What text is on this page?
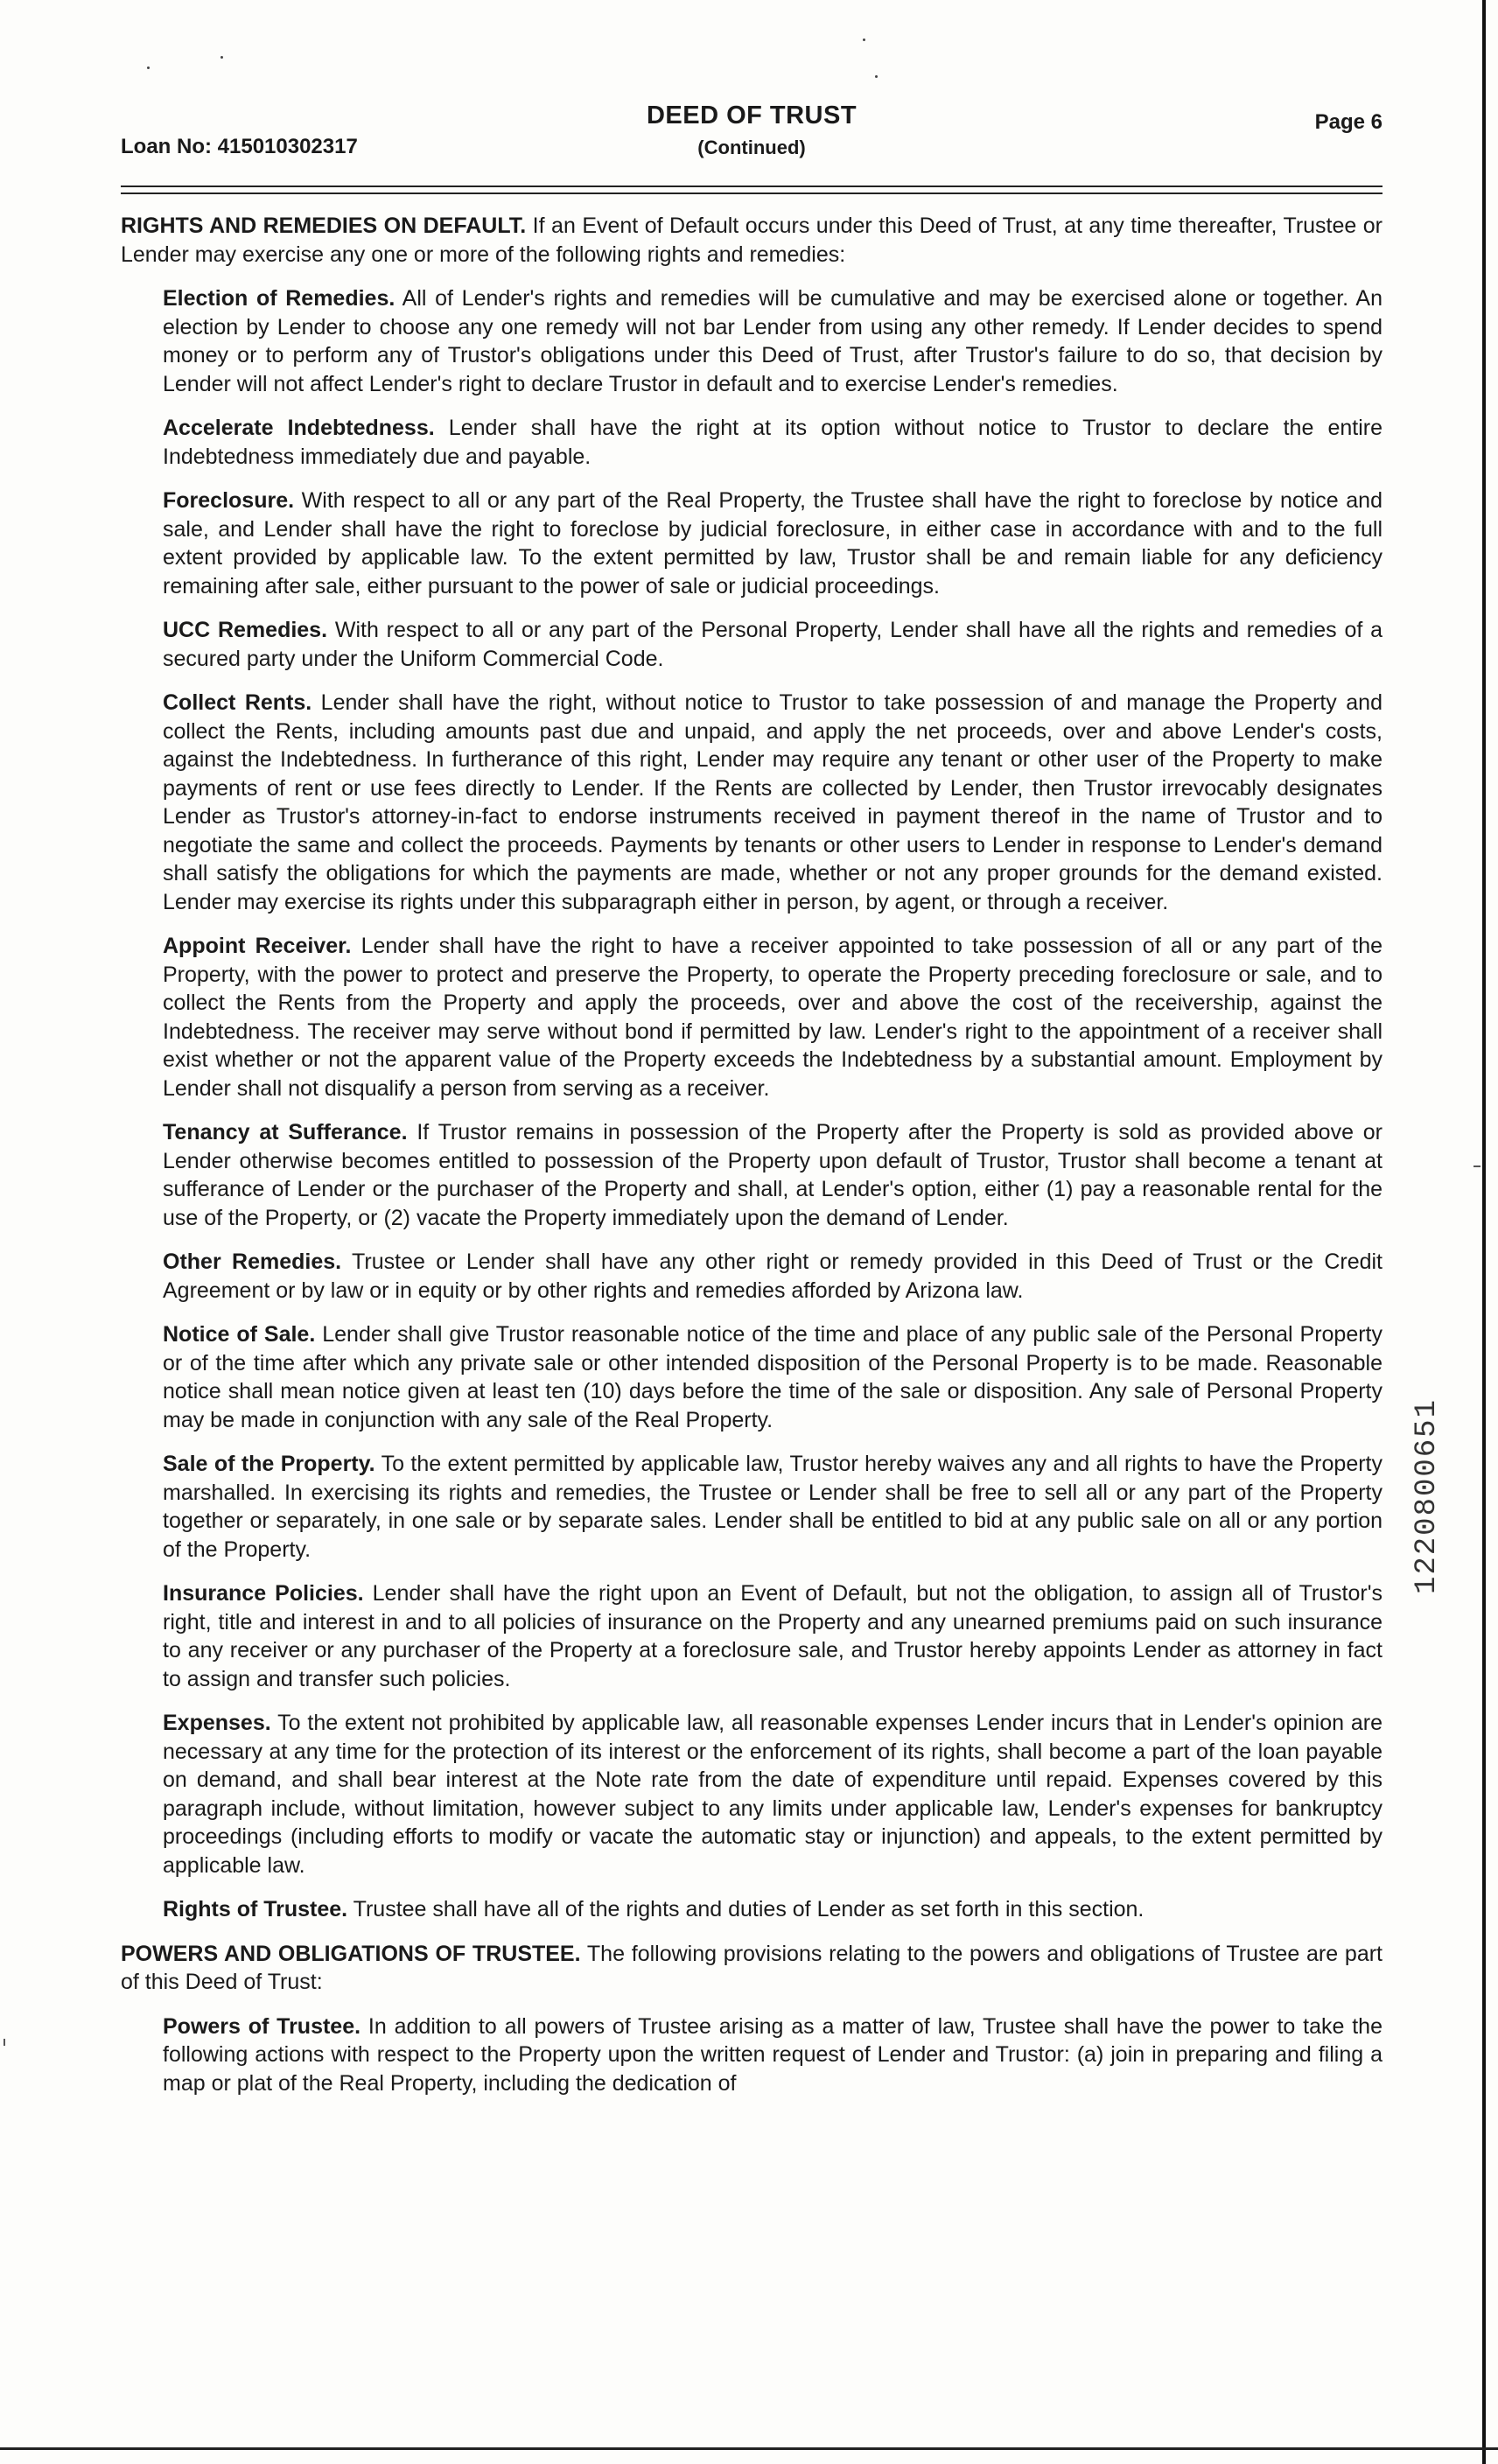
Loan No: 415010302317
DEED OF TRUST
(Continued)
Page 6

RIGHTS AND REMEDIES ON DEFAULT. If an Event of Default occurs under this Deed of Trust, at any time thereafter, Trustee or Lender may exercise any one or more of the following rights and remedies:

Election of Remedies. All of Lender's rights and remedies will be cumulative and may be exercised alone or together. An election by Lender to choose any one remedy will not bar Lender from using any other remedy. If Lender decides to spend money or to perform any of Trustor's obligations under this Deed of Trust, after Trustor's failure to do so, that decision by Lender will not affect Lender's right to declare Trustor in default and to exercise Lender's remedies.

Accelerate Indebtedness. Lender shall have the right at its option without notice to Trustor to declare the entire Indebtedness immediately due and payable.

Foreclosure. With respect to all or any part of the Real Property, the Trustee shall have the right to foreclose by notice and sale, and Lender shall have the right to foreclose by judicial foreclosure, in either case in accordance with and to the full extent provided by applicable law. To the extent permitted by law, Trustor shall be and remain liable for any deficiency remaining after sale, either pursuant to the power of sale or judicial proceedings.

UCC Remedies. With respect to all or any part of the Personal Property, Lender shall have all the rights and remedies of a secured party under the Uniform Commercial Code.

Collect Rents. Lender shall have the right, without notice to Trustor to take possession of and manage the Property and collect the Rents, including amounts past due and unpaid, and apply the net proceeds, over and above Lender's costs, against the Indebtedness. In furtherance of this right, Lender may require any tenant or other user of the Property to make payments of rent or use fees directly to Lender. If the Rents are collected by Lender, then Trustor irrevocably designates Lender as Trustor's attorney-in-fact to endorse instruments received in payment thereof in the name of Trustor and to negotiate the same and collect the proceeds. Payments by tenants or other users to Lender in response to Lender's demand shall satisfy the obligations for which the payments are made, whether or not any proper grounds for the demand existed. Lender may exercise its rights under this subparagraph either in person, by agent, or through a receiver.

Appoint Receiver. Lender shall have the right to have a receiver appointed to take possession of all or any part of the Property, with the power to protect and preserve the Property, to operate the Property preceding foreclosure or sale, and to collect the Rents from the Property and apply the proceeds, over and above the cost of the receivership, against the Indebtedness. The receiver may serve without bond if permitted by law. Lender's right to the appointment of a receiver shall exist whether or not the apparent value of the Property exceeds the Indebtedness by a substantial amount. Employment by Lender shall not disqualify a person from serving as a receiver.

Tenancy at Sufferance. If Trustor remains in possession of the Property after the Property is sold as provided above or Lender otherwise becomes entitled to possession of the Property upon default of Trustor, Trustor shall become a tenant at sufferance of Lender or the purchaser of the Property and shall, at Lender's option, either (1) pay a reasonable rental for the use of the Property, or (2) vacate the Property immediately upon the demand of Lender.

Other Remedies. Trustee or Lender shall have any other right or remedy provided in this Deed of Trust or the Credit Agreement or by law or in equity or by other rights and remedies afforded by Arizona law.

Notice of Sale. Lender shall give Trustor reasonable notice of the time and place of any public sale of the Personal Property or of the time after which any private sale or other intended disposition of the Personal Property is to be made. Reasonable notice shall mean notice given at least ten (10) days before the time of the sale or disposition. Any sale of Personal Property may be made in conjunction with any sale of the Real Property.

Sale of the Property. To the extent permitted by applicable law, Trustor hereby waives any and all rights to have the Property marshalled. In exercising its rights and remedies, the Trustee or Lender shall be free to sell all or any part of the Property together or separately, in one sale or by separate sales. Lender shall be entitled to bid at any public sale on all or any portion of the Property.

Insurance Policies. Lender shall have the right upon an Event of Default, but not the obligation, to assign all of Trustor's right, title and interest in and to all policies of insurance on the Property and any unearned premiums paid on such insurance to any receiver or any purchaser of the Property at a foreclosure sale, and Trustor hereby appoints Lender as attorney in fact to assign and transfer such policies.

Expenses. To the extent not prohibited by applicable law, all reasonable expenses Lender incurs that in Lender's opinion are necessary at any time for the protection of its interest or the enforcement of its rights, shall become a part of the loan payable on demand, and shall bear interest at the Note rate from the date of expenditure until repaid. Expenses covered by this paragraph include, without limitation, however subject to any limits under applicable law, Lender's expenses for bankruptcy proceedings (including efforts to modify or vacate the automatic stay or injunction) and appeals, to the extent permitted by applicable law.

Rights of Trustee. Trustee shall have all of the rights and duties of Lender as set forth in this section.

POWERS AND OBLIGATIONS OF TRUSTEE. The following provisions relating to the powers and obligations of Trustee are part of this Deed of Trust:

Powers of Trustee. In addition to all powers of Trustee arising as a matter of law, Trustee shall have the power to take the following actions with respect to the Property upon the written request of Lender and Trustor: (a) join in preparing and filing a map or plat of the Real Property, including the dedication of

1220800651
